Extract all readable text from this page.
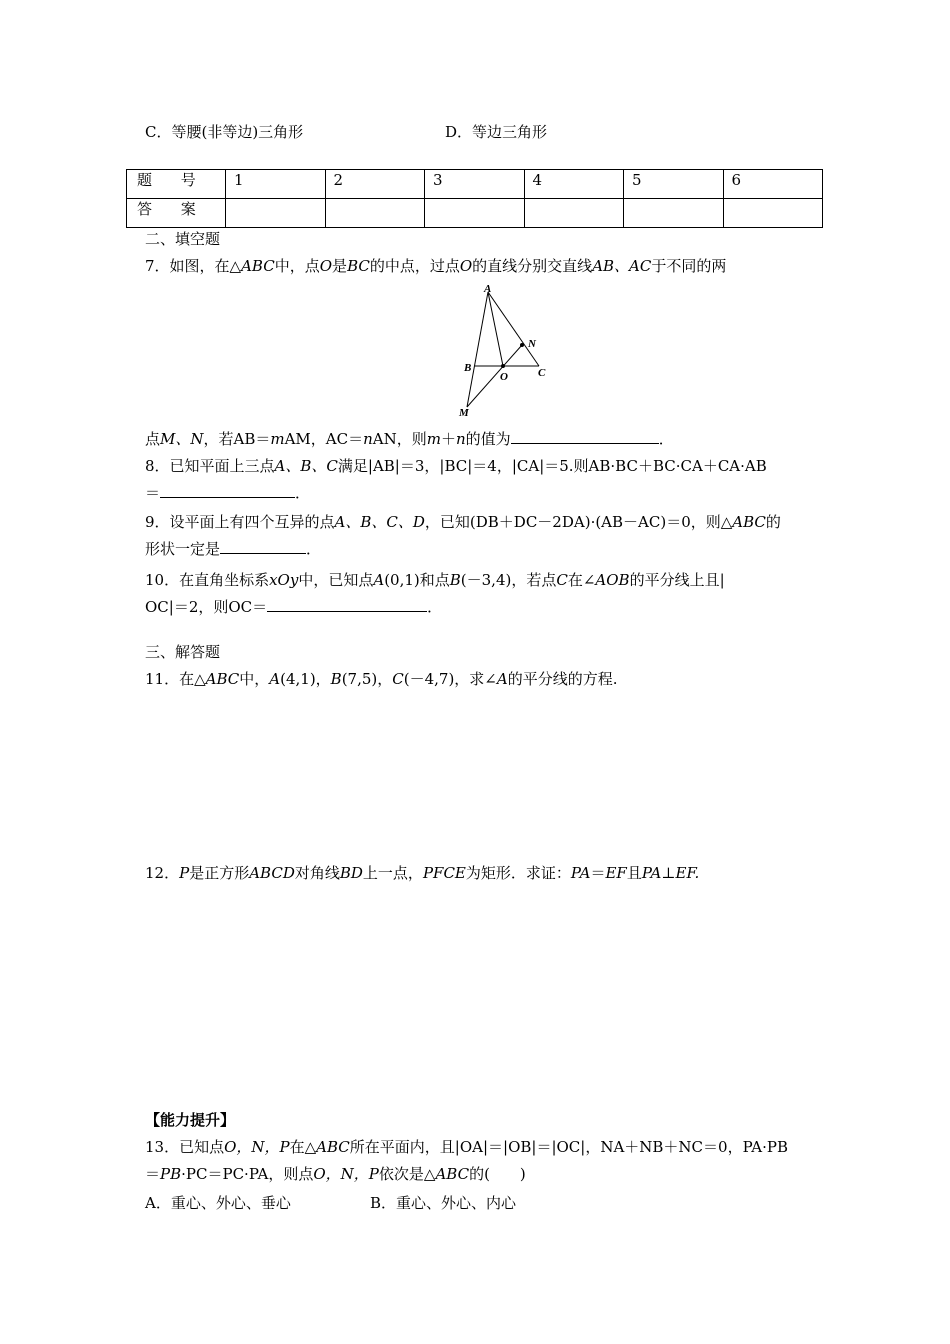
C．等腰(非等边)三角形	D．等边三角形
题 号	1	2	3	4	5	6
答 案						
二、填空题
7．如图，在△ABC中，点O是BC的中点，过点O的直线分别交直线AB、AC于不同的两
A
B
O	C
N
M
点M、N，若AB＝mAM，AC＝nAN，则m＋n的值为	．
8．已知平面上三点A、B、C满足|AB|＝3，|BC|＝4，|CA|＝5.则AB·BC＋BC·CA＋CA·AB
＝	．
9．设平面上有四个互异的点A、B、C、D，已知(DB＋DC－2DA)·(AB－AC)＝0，则△ABC的
形状一定是	．
10．在直角坐标系xOy中，已知点A(0,1)和点B(－3,4)，若点C在∠AOB的平分线上且|
OC|＝2，则OC＝	．
三、解答题
11．在△ABC中，A(4,1)，B(7,5)，C(－4,7)，求∠A的平分线的方程.
12．P是正方形ABCD对角线BD上一点，PFCE为矩形．求证：PA＝EF且PA⊥EF.
【能力提升】
13．已知点O，N，P在△ABC所在平面内，且|OA|＝|OB|＝|OC|，NA＋NB＋NC＝0，PA·PB
＝PB·PC＝PC·PA，则点O，N，P依次是△ABC的(　　)
A．重心、外心、垂心	B．重心、外心、内心
